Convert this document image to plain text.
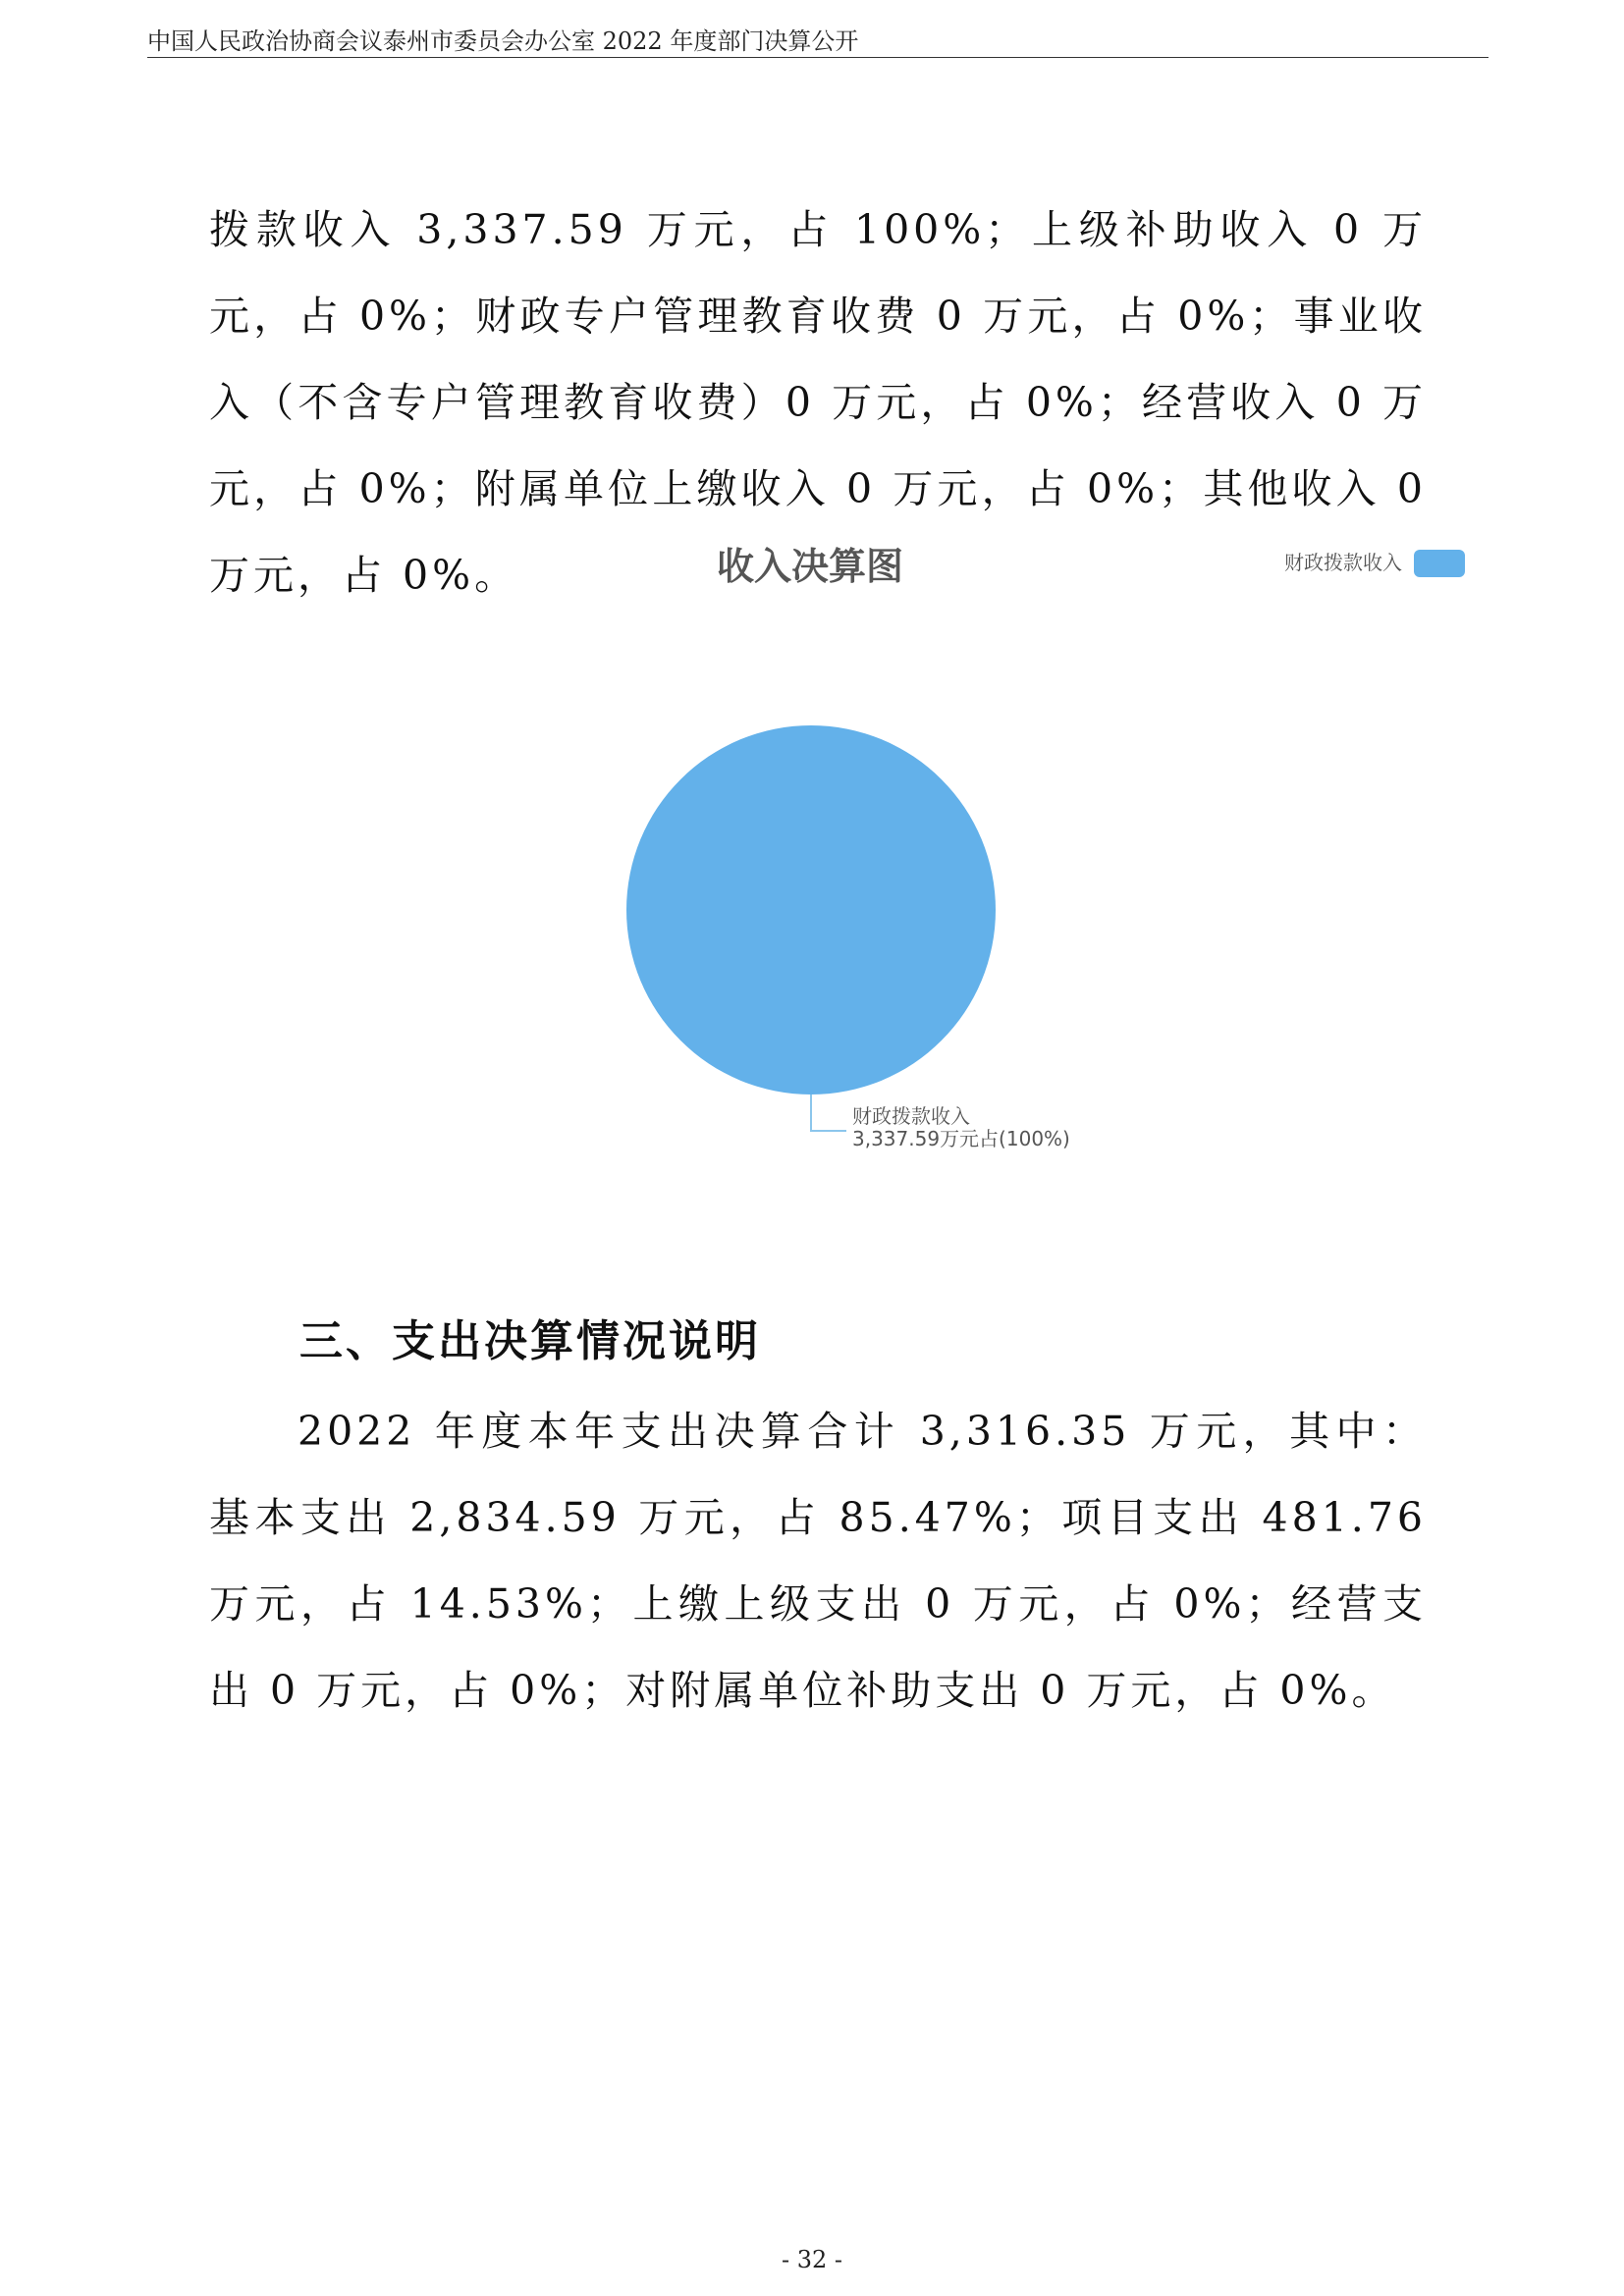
中国人民政治协商会议泰州市委员会办公室 2022 年度部门决算公开
拨款收入 3,337.59 万元，占 100%；上级补助收入 0 万元，占 0%；财政专户管理教育收费 0 万元，占 0%；事业收入（不含专户管理教育收费）0 万元，占 0%；经营收入 0 万元，占 0%；附属单位上缴收入 0 万元，占 0%；其他收入 0 万元，占 0%。	收入决算图	财政拨款收入
财政拨款收入
3,337.59万元占(100%)
三、支出决算情况说明
2022 年度本年支出决算合计 3,316.35 万元，其中：基本支出 2,834.59 万元，占 85.47%；项目支出 481.76 万元，占 14.53%；上缴上级支出 0 万元，占 0%；经营支出 0 万元，占 0%；对附属单位补助支出 0 万元，占 0%。
- 32 -
